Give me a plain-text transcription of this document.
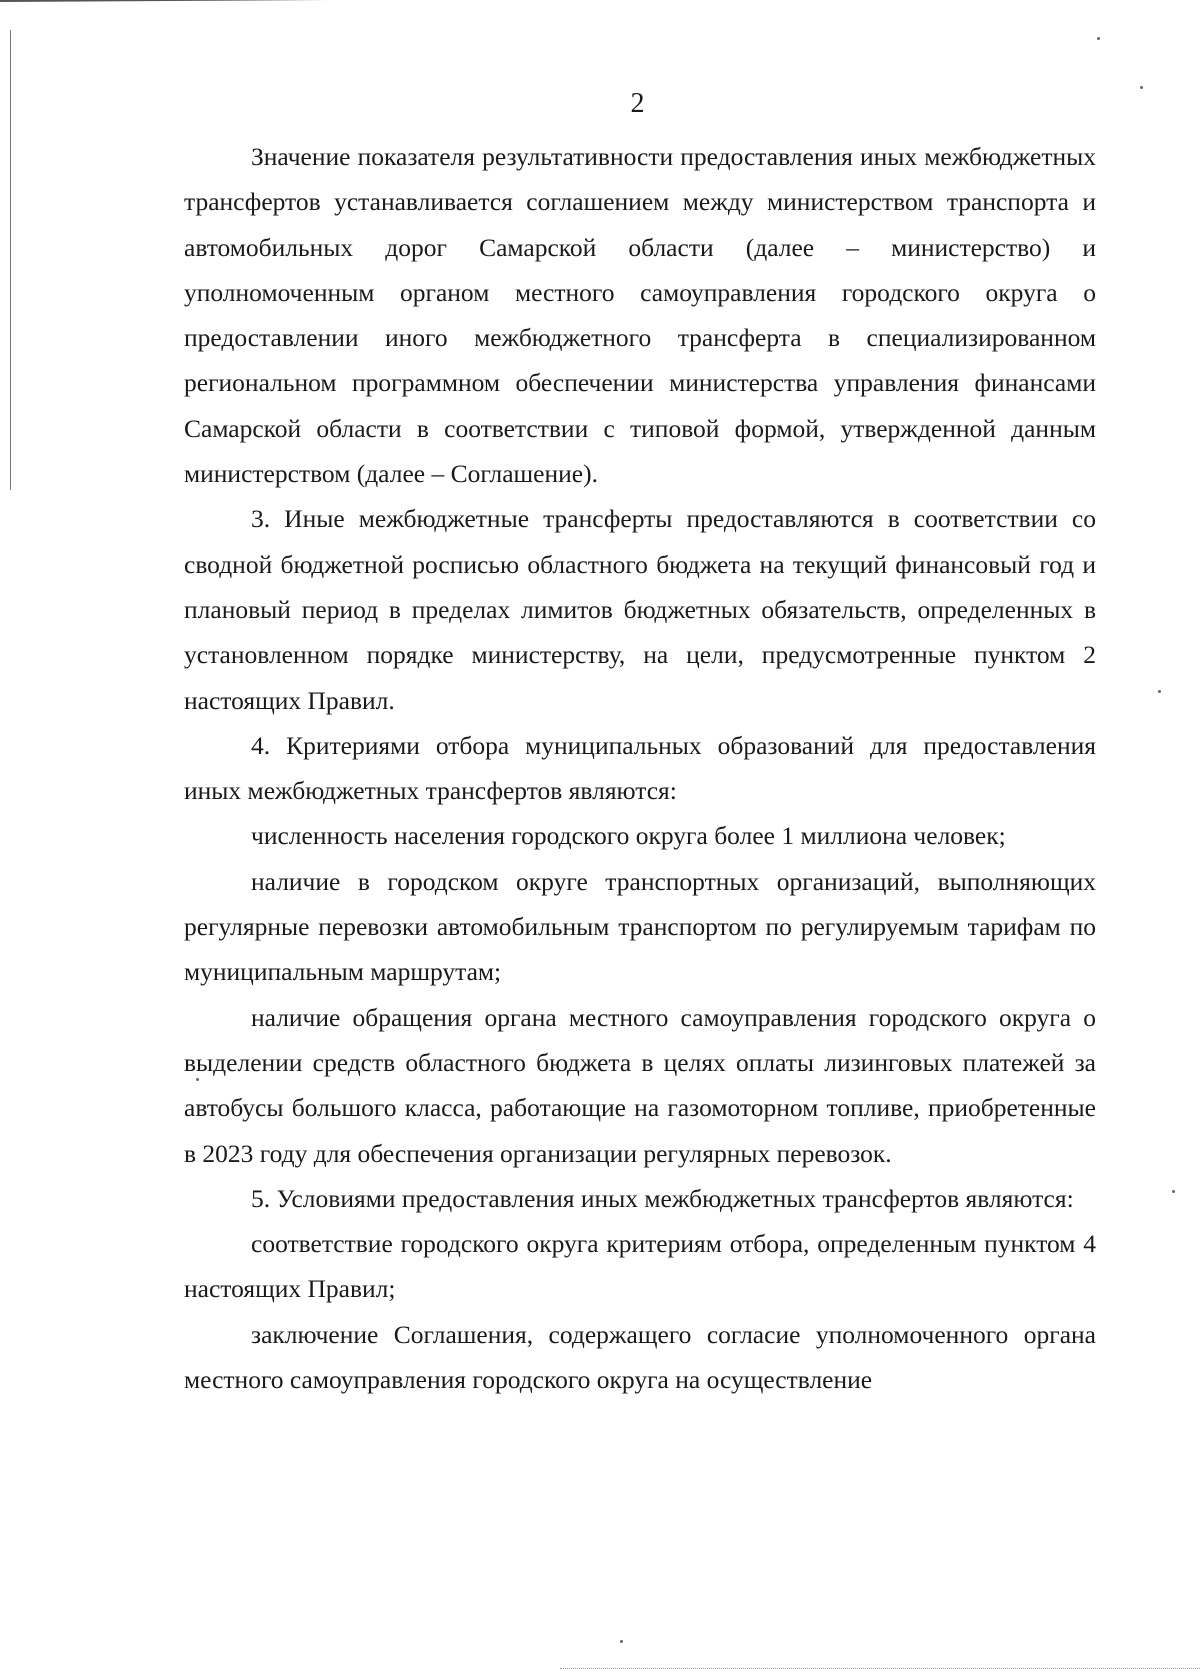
2

Значение показателя результативности предоставления иных межбюджетных трансфертов устанавливается соглашением между министерством транспорта и автомобильных дорог Самарской области (далее – министерство) и уполномоченным органом местного самоуправления городского округа о предоставлении иного межбюджетного трансферта в специализированном региональном программном обеспечении министерства управления финансами Самарской области в соответствии с типовой формой, утвержденной данным министерством (далее – Соглашение).

3. Иные межбюджетные трансферты предоставляются в соответствии со сводной бюджетной росписью областного бюджета на текущий финансовый год и плановый период в пределах лимитов бюджетных обязательств, определенных в установленном порядке министерству, на цели, предусмотренные пунктом 2 настоящих Правил.

4. Критериями отбора муниципальных образований для предоставления иных межбюджетных трансфертов являются:

численность населения городского округа более 1 миллиона человек;

наличие в городском округе транспортных организаций, выполняющих регулярные перевозки автомобильным транспортом по регулируемым тарифам по муниципальным маршрутам;

наличие обращения органа местного самоуправления городского округа о выделении средств областного бюджета в целях оплаты лизинговых платежей за автобусы большого класса, работающие на газомоторном топливе, приобретенные в 2023 году для обеспечения организации регулярных перевозок.

5. Условиями предоставления иных межбюджетных трансфертов являются:

соответствие городского округа критериям отбора, определенным пунктом 4 настоящих Правил;

заключение Соглашения, содержащего согласие уполномоченного органа местного самоуправления городского округа на осуществление
